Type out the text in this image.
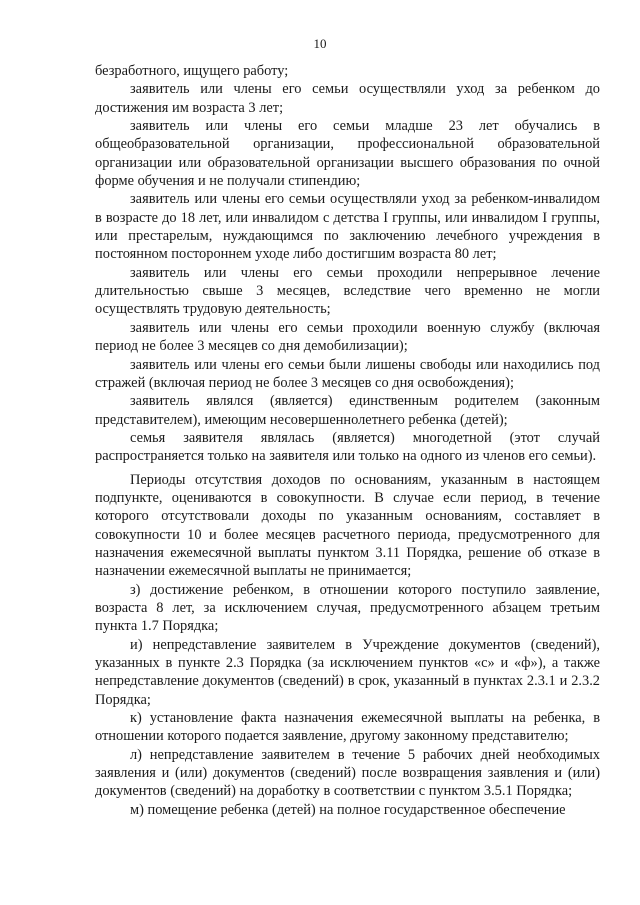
10

безработного, ищущего работу;

заявитель или члены его семьи осуществляли уход за ребенком до достижения им возраста 3 лет;

заявитель или члены его семьи младше 23 лет обучались в общеобразовательной организации, профессиональной образовательной организации или образовательной организации высшего образования по очной форме обучения и не получали стипендию;

заявитель или члены его семьи осуществляли уход за ребенком-инвалидом в возрасте до 18 лет, или инвалидом с детства I группы, или инвалидом I группы, или престарелым, нуждающимся по заключению лечебного учреждения в постоянном постороннем уходе либо достигшим возраста 80 лет;

заявитель или члены его семьи проходили непрерывное лечение длительностью свыше 3 месяцев, вследствие чего временно не могли осуществлять трудовую деятельность;

заявитель или члены его семьи проходили военную службу (включая период не более 3 месяцев со дня демобилизации);

заявитель или члены его семьи были лишены свободы или находились под стражей (включая период не более 3 месяцев со дня освобождения);

заявитель являлся (является) единственным родителем (законным представителем), имеющим несовершеннолетнего ребенка (детей);

семья заявителя являлась (является) многодетной (этот случай распространяется только на заявителя или только на одного из членов его семьи).

Периоды отсутствия доходов по основаниям, указанным в настоящем подпункте, оцениваются в совокупности. В случае если период, в течение которого отсутствовали доходы по указанным основаниям, составляет в совокупности 10 и более месяцев расчетного периода, предусмотренного для назначения ежемесячной выплаты пунктом 3.11 Порядка, решение об отказе в назначении ежемесячной выплаты не принимается;

з) достижение ребенком, в отношении которого поступило заявление, возраста 8 лет, за исключением случая, предусмотренного абзацем третьим пункта 1.7 Порядка;

и) непредставление заявителем в Учреждение документов (сведений), указанных в пункте 2.3 Порядка (за исключением пунктов «с» и «ф»), а также непредставление документов (сведений) в срок, указанный в пунктах 2.3.1 и 2.3.2 Порядка;

к) установление факта назначения ежемесячной выплаты на ребенка, в отношении которого подается заявление, другому законному представителю;

л) непредставление заявителем в течение 5 рабочих дней необходимых заявления и (или) документов (сведений) после возвращения заявления и (или) документов (сведений) на доработку в соответствии с пунктом 3.5.1 Порядка;

м) помещение ребенка (детей) на полное государственное обеспечение
